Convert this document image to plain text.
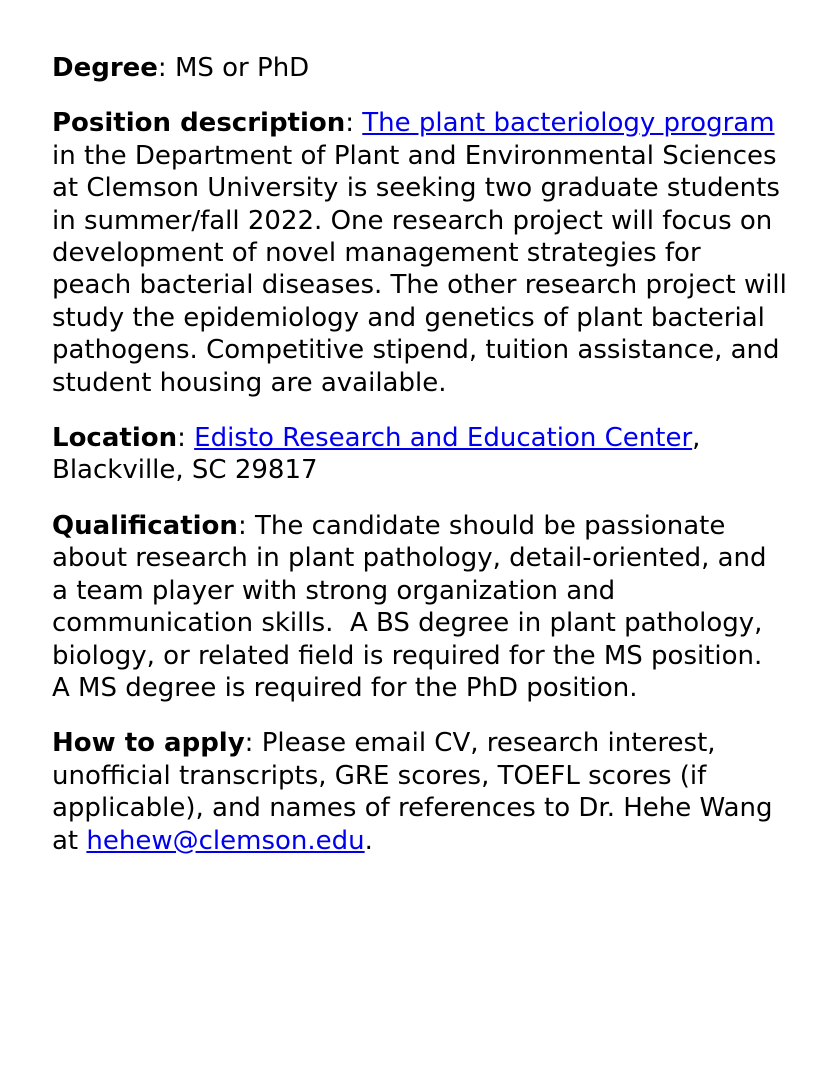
Degree: MS or PhD

Position description: The plant bacteriology program in the Department of Plant and Environmental Sciences at Clemson University is seeking two graduate students in summer/fall 2022. One research project will focus on development of novel management strategies for peach bacterial diseases. The other research project will study the epidemiology and genetics of plant bacterial pathogens. Competitive stipend, tuition assistance, and student housing are available.

Location: Edisto Research and Education Center, Blackville, SC 29817

Qualification: The candidate should be passionate about research in plant pathology, detail-oriented, and a team player with strong organization and communication skills.  A BS degree in plant pathology, biology, or related field is required for the MS position. A MS degree is required for the PhD position.

How to apply: Please email CV, research interest, unofficial transcripts, GRE scores, TOEFL scores (if applicable), and names of references to Dr. Hehe Wang at hehew@clemson.edu.
